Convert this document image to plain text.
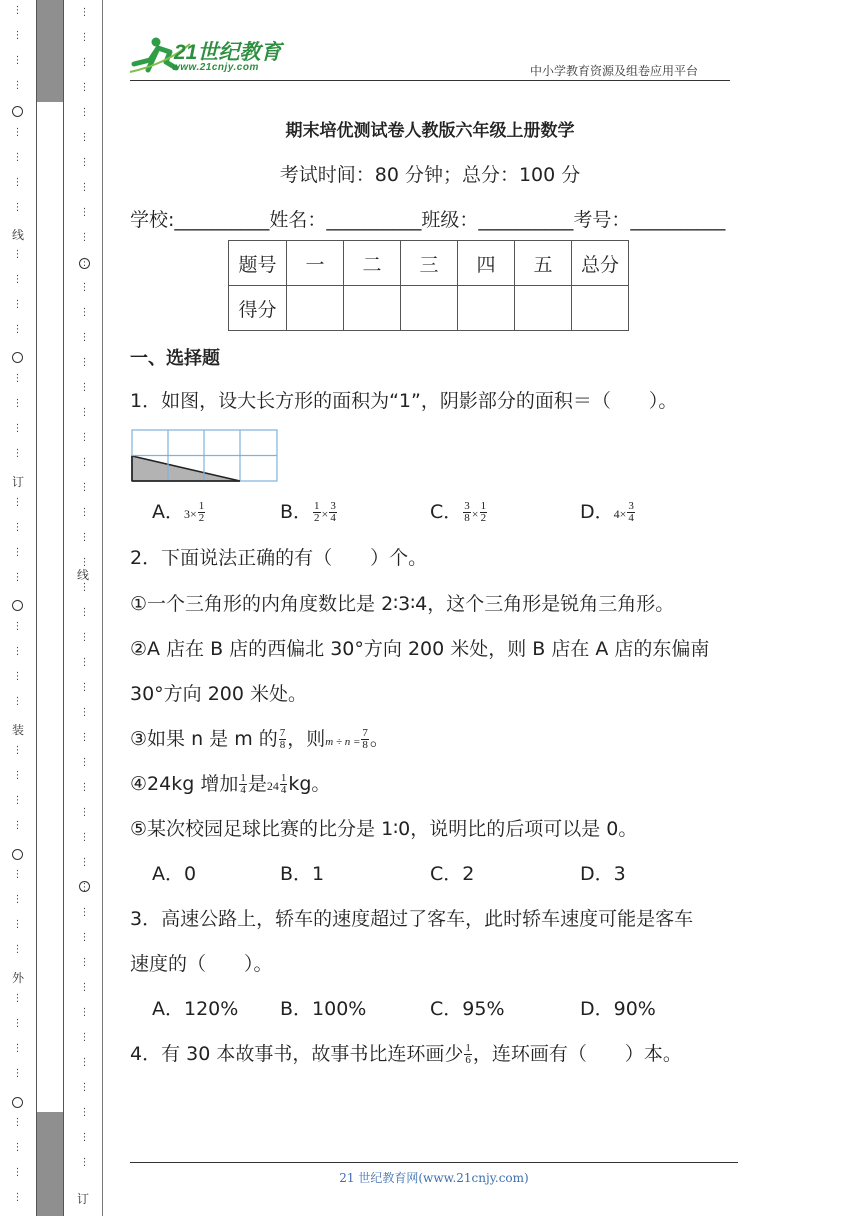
线
订
装
外
线
订
21世纪教育
www.21cnjy.com	中小学教育资源及组卷应用平台
期末培优测试卷人教版六年级上册数学
考试时间：80 分钟；总分：100 分
学校:__________姓名：__________班级：__________考号：__________
题号	一	二	三	四	五	总分
得分						
一、选择题
1．如图，设大长方形的面积为“1”，阴影部分的面积＝（　　）。
A．$3\times \frac{1}{2}$	B． $\frac{1}{2} \times \frac{3}{4}$	C． $\frac{3}{8} \times \frac{1}{2}$	D．$4\times \frac{3}{4}$
2．下面说法正确的有（　　）个。
①一个三角形的内角度数比是 2∶3∶4，这个三角形是锐角三角形。
②A 店在 B 店的西偏北 30°方向 200 米处，则 B 店在 A 店的东偏南
30°方向 200 米处。
③如果 n 是 m 的 $\frac{7}{8}$ ，则$m \div n = \frac{7}{8}$ 。
④24kg 增加 $\frac{1}{4}$ 是$24 \frac{1}{4}$ kg。
⑤某次校园足球比赛的比分是 1∶0，说明比的后项可以是 0。
A．0	B．1	C．2	D．3
3．高速公路上，轿车的速度超过了客车，此时轿车速度可能是客车
速度的（　　）。
A．120% B．100%	C．95%	D．90%
4．有 30 本故事书，故事书比连环画少 $\frac{1}{6}$ ，连环画有（　　）本。
21 世纪教育网(www.21cnjy.com)
⋮
⋮
⋮
⋮
⋮
⋮
⋮
⋮
⋮
⋮
⋮
⋮
⋮
⋮
⋮
⋮
⋮
⋮
⋮
⋮
⋮
⋮
⋮
⋮
⋮
⋮
⋮
⋮
⋮
⋮
⋮
⋮
⋮
⋮
⋮
⋮
⋮
⋮
⋮
⋮
⋮
⋮
⋮
⋮
⋮
⋮
⋮
⋮
⋮
⋮
⋮
⋮
⋮
⋮
⋮
⋮
⋮
⋮
⋮
⋮
⋮
⋮
⋮
⋮
⋮
⋮
⋮
⋮
⋮
⋮
⋮
⋮
⋮
⋮
⋮
⋮
⋮
⋮
⋮
⋮
⋮
⋮
⋮
⋮
⋮
⋮
⋮
